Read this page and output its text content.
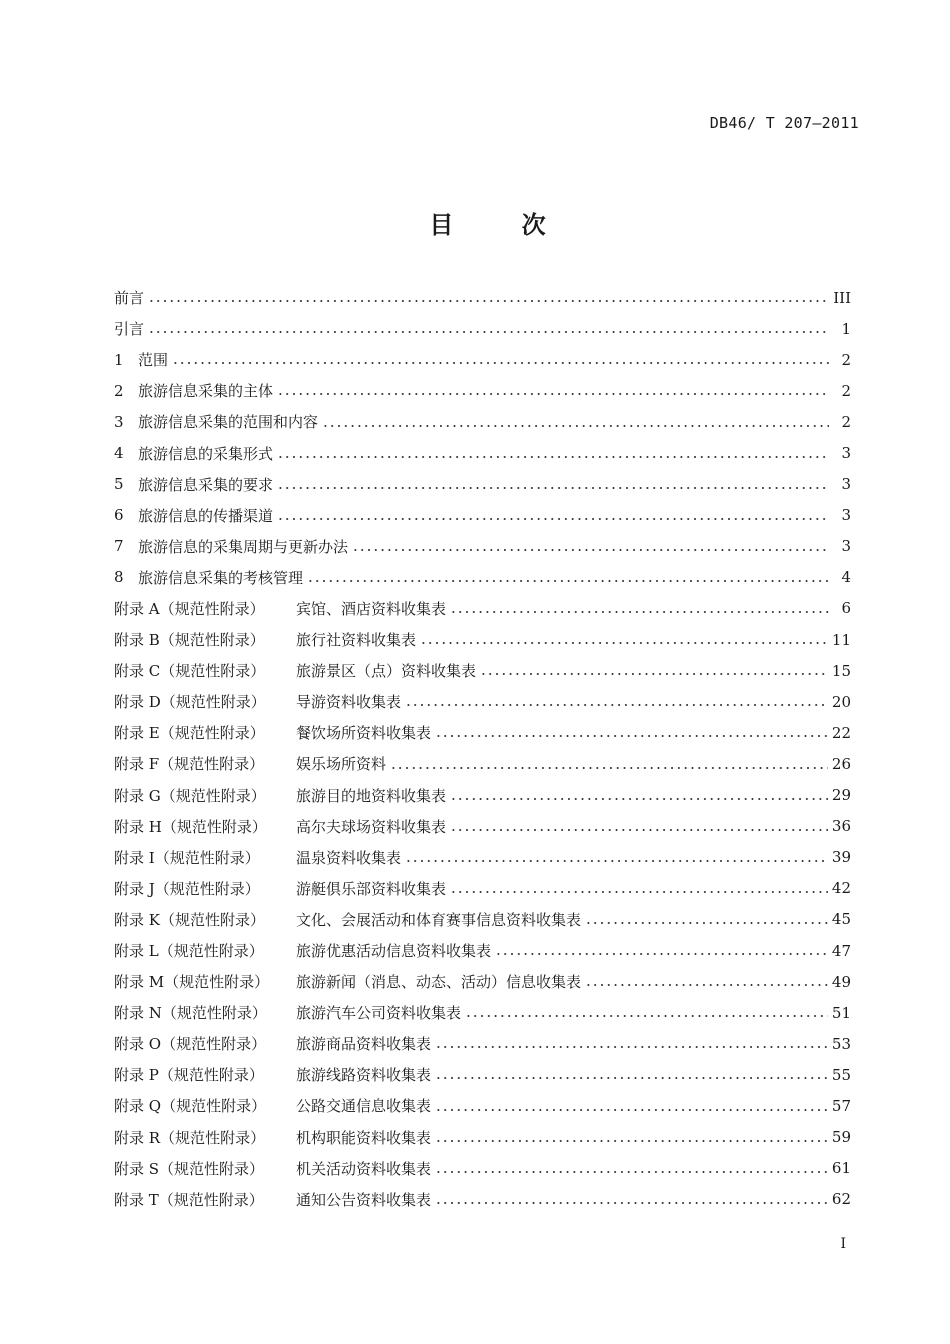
DB46/ T 207—2011
目 次
前言	III
引言	1
1 范围	2
2 旅游信息采集的主体	2
3 旅游信息采集的范围和内容	2
4 旅游信息的采集形式	3
5 旅游信息采集的要求	3
6 旅游信息的传播渠道	3
7 旅游信息的采集周期与更新办法	3
8 旅游信息采集的考核管理	4
附录 A（规范性附录）	宾馆、酒店资料收集表	6
附录 B（规范性附录）	旅行社资料收集表	11
附录 C（规范性附录）	旅游景区（点）资料收集表	15
附录 D（规范性附录）	导游资料收集表	20
附录 E（规范性附录）	餐饮场所资料收集表	22
附录 F（规范性附录）	娱乐场所资料	26
附录 G（规范性附录）	旅游目的地资料收集表	29
附录 H（规范性附录）	高尔夫球场资料收集表	36
附录 I（规范性附录）	温泉资料收集表	39
附录 J（规范性附录）	游艇俱乐部资料收集表	42
附录 K（规范性附录）	文化、会展活动和体育赛事信息资料收集表	45
附录 L（规范性附录）	旅游优惠活动信息资料收集表	47
附录 M（规范性附录）	旅游新闻（消息、动态、活动）信息收集表	49
附录 N（规范性附录）	旅游汽车公司资料收集表	51
附录 O（规范性附录）	旅游商品资料收集表	53
附录 P（规范性附录）	旅游线路资料收集表	55
附录 Q（规范性附录）	公路交通信息收集表	57
附录 R（规范性附录）	机构职能资料收集表	59
附录 S（规范性附录）	机关活动资料收集表	61
附录 T（规范性附录）	通知公告资料收集表	62
I
